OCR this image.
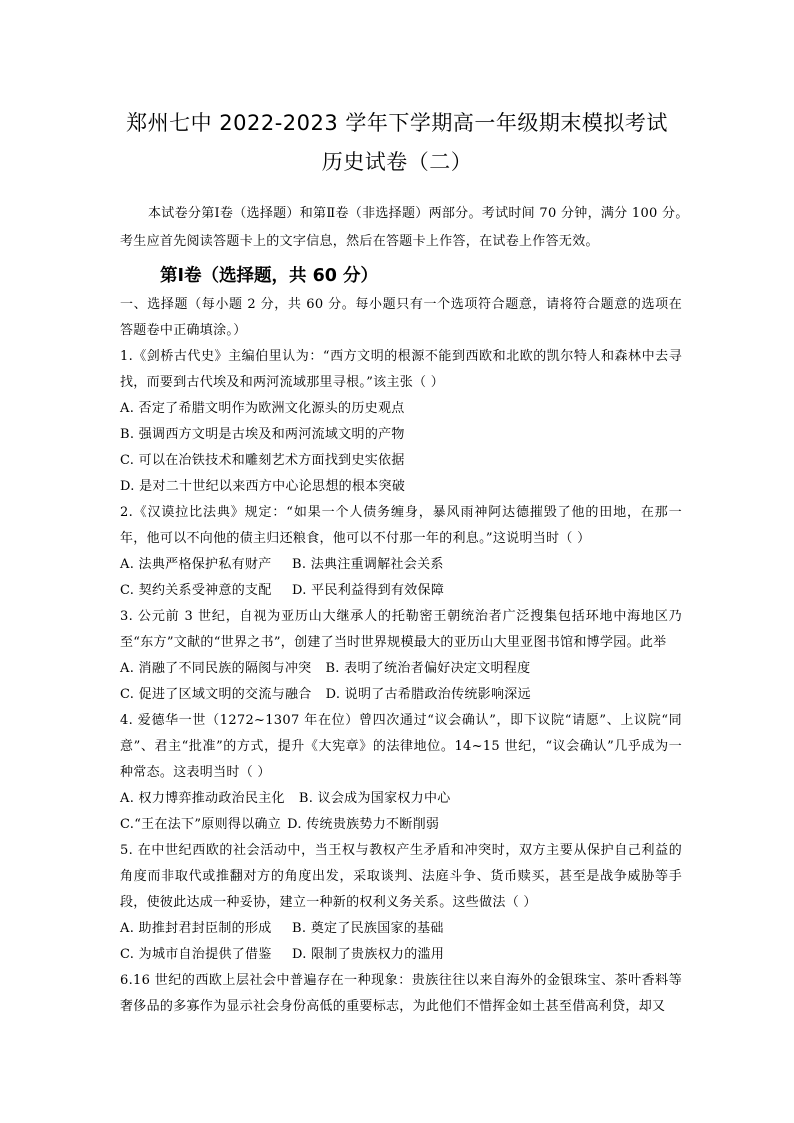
郑州七中 2022-2023 学年下学期高一年级期末模拟考试
历史试卷（二）
本试卷分第Ⅰ卷（选择题）和第Ⅱ卷（非选择题）两部分。考试时间 70 分钟，满分 100 分。考生应首先阅读答题卡上的文字信息，然后在答题卡上作答，在试卷上作答无效。
第Ⅰ卷（选择题，共 60 分）

一、选择题（每小题 2 分，共 60 分。每小题只有一个选项符合题意，请将符合题意的选项在答题卷中正确填涂。）

1.《剑桥古代史》主编伯里认为：“西方文明的根源不能到西欧和北欧的凯尔特人和森林中去寻找，而要到古代埃及和两河流域那里寻根。”该主张（ ）

A. 否定了希腊文明作为欧洲文化源头的历史观点

B. 强调西方文明是古埃及和两河流域文明的产物

C. 可以在冶铁技术和雕刻艺术方面找到史实依据

D. 是对二十世纪以来西方中心论思想的根本突破

2.《汉谟拉比法典》规定：“如果一个人债务缠身，暴风雨神阿达德摧毁了他的田地，在那一年，他可以不向他的债主归还粮食，他可以不付那一年的利息。”这说明当时（ ）

A. 法典严格保护私有财产 B. 法典注重调解社会关系

C. 契约关系受神意的支配 D. 平民利益得到有效保障

3. 公元前 3 世纪，自视为亚历山大继承人的托勒密王朝统治者广泛搜集包括环地中海地区乃至“东方”文献的“世界之书”，创建了当时世界规模最大的亚历山大里亚图书馆和博学园。此举

A. 消融了不同民族的隔阂与冲突 B. 表明了统治者偏好决定文明程度

C. 促进了区域文明的交流与融合 D. 说明了古希腊政治传统影响深远

4. 爱德华一世（1272~1307 年在位）曾四次通过“议会确认”，即下议院“请愿”、上议院“同意”、君主“批准”的方式，提升《大宪章》的法律地位。14~15 世纪，“议会确认”几乎成为一种常态。这表明当时（ ）

A. 权力博弈推动政治民主化 B. 议会成为国家权力中心

C.“王在法下”原则得以确立 D. 传统贵族势力不断削弱

5. 在中世纪西欧的社会活动中，当王权与教权产生矛盾和冲突时，双方主要从保护自己利益的角度而非取代或推翻对方的角度出发，采取谈判、法庭斗争、货币赎买，甚至是战争威胁等手段，使彼此达成一种妥协，建立一种新的权利义务关系。这些做法（ ）

A. 助推封君封臣制的形成 B. 奠定了民族国家的基础

C. 为城市自治提供了借鉴 D. 限制了贵族权力的滥用

6.16 世纪的西欧上层社会中普遍存在一种现象：贵族往往以来自海外的金银珠宝、茶叶香料等奢侈品的多寡作为显示社会身份高低的重要标志，为此他们不惜挥金如土甚至借高利贷，却又
